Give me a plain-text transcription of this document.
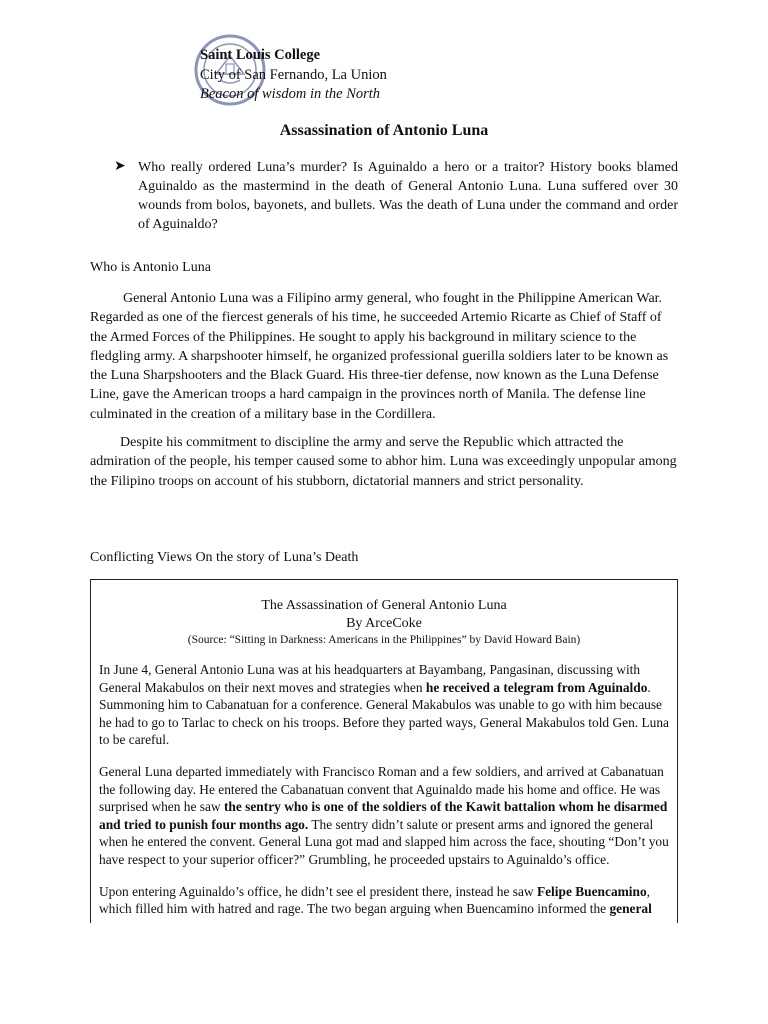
Saint Louis College
City of San Fernando, La Union
Beacon of wisdom in the North
Assassination of Antonio Luna
➤ Who really ordered Luna’s murder? Is Aguinaldo a hero or a traitor? History books blamed Aguinaldo as the mastermind in the death of General Antonio Luna. Luna suffered over 30 wounds from bolos, bayonets, and bullets. Was the death of Luna under the command and order of Aguinaldo?

Who is Antonio Luna

General Antonio Luna was a Filipino army general, who fought in the Philippine American War. Regarded as one of the fiercest generals of his time, he succeeded Artemio Ricarte as Chief of Staff of the Armed Forces of the Philippines. He sought to apply his background in military science to the fledgling army. A sharpshooter himself, he organized professional guerilla soldiers later to be known as the Luna Sharpshooters and the Black Guard. His three-tier defense, now known as the Luna Defense Line, gave the American troops a hard campaign in the provinces north of Manila. The defense line culminated in the creation of a military base in the Cordillera.

Despite his commitment to discipline the army and serve the Republic which attracted the admiration of the people, his temper caused some to abhor him. Luna was exceedingly unpopular among the Filipino troops on account of his stubborn, dictatorial manners and strict personality.

Conflicting Views On the story of Luna’s Death
The Assassination of General Antonio Luna
By ArceCoke
(Source: “Sitting in Darkness: Americans in the Philippines” by David Howard Bain)

In June 4, General Antonio Luna was at his headquarters at Bayambang, Pangasinan, discussing with General Makabulos on their next moves and strategies when he received a telegram from Aguinaldo. Summoning him to Cabanatuan for a conference. General Makabulos was unable to go with him because he had to go to Tarlac to check on his troops. Before they parted ways, General Makabulos told Gen. Luna to be careful.

General Luna departed immediately with Francisco Roman and a few soldiers, and arrived at Cabanatuan the following day. He entered the Cabanatuan convent that Aguinaldo made his home and office. He was surprised when he saw the sentry who is one of the soldiers of the Kawit battalion whom he disarmed and tried to punish four months ago. The sentry didn’t salute or present arms and ignored the general when he entered the convent. General Luna got mad and slapped him across the face, shouting “Don’t you have respect to your superior officer?” Grumbling, he proceeded upstairs to Aguinaldo’s office.

Upon entering Aguinaldo’s office, he didn’t see el president there, instead he saw Felipe Buencamino, which filled him with hatred and rage. The two began arguing when Buencamino informed the general
